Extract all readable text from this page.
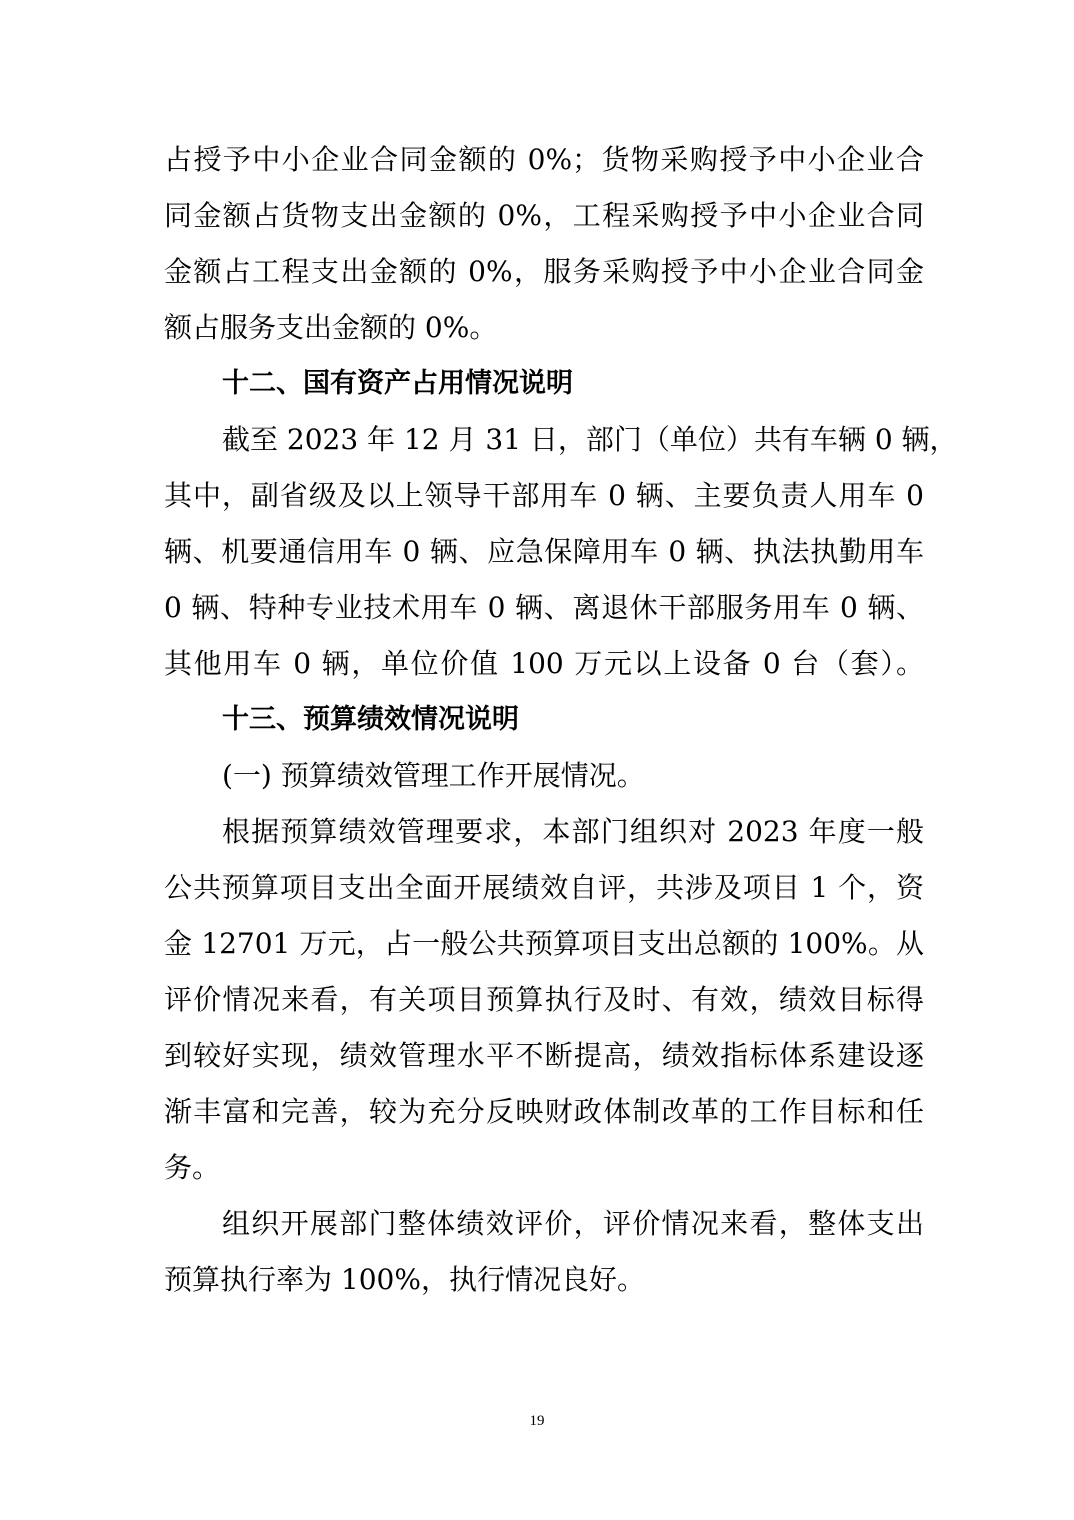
占授予中小企业合同金额的 0%；货物采购授予中小企业合
同金额占货物支出金额的 0%，工程采购授予中小企业合同
金额占工程支出金额的 0%，服务采购授予中小企业合同金
额占服务支出金额的 0%。
十二、国有资产占用情况说明
截至 2023 年 12 月 31 日，部门（单位）共有车辆 0 辆，
其中，副省级及以上领导干部用车 0 辆、主要负责人用车 0
辆、机要通信用车 0 辆、应急保障用车 0 辆、执法执勤用车
0 辆、特种专业技术用车 0 辆、离退休干部服务用车 0 辆、
其他用车 0 辆，单位价值 100 万元以上设备 0 台（套）。
十三、预算绩效情况说明
(一) 预算绩效管理工作开展情况。
根据预算绩效管理要求，本部门组织对 2023 年度一般
公共预算项目支出全面开展绩效自评，共涉及项目 1 个，资
金 12701 万元，占一般公共预算项目支出总额的 100%。从
评价情况来看，有关项目预算执行及时、有效，绩效目标得
到较好实现，绩效管理水平不断提高，绩效指标体系建设逐
渐丰富和完善，较为充分反映财政体制改革的工作目标和任
务。
组织开展部门整体绩效评价，评价情况来看，整体支出
预算执行率为 100%，执行情况良好。
19
